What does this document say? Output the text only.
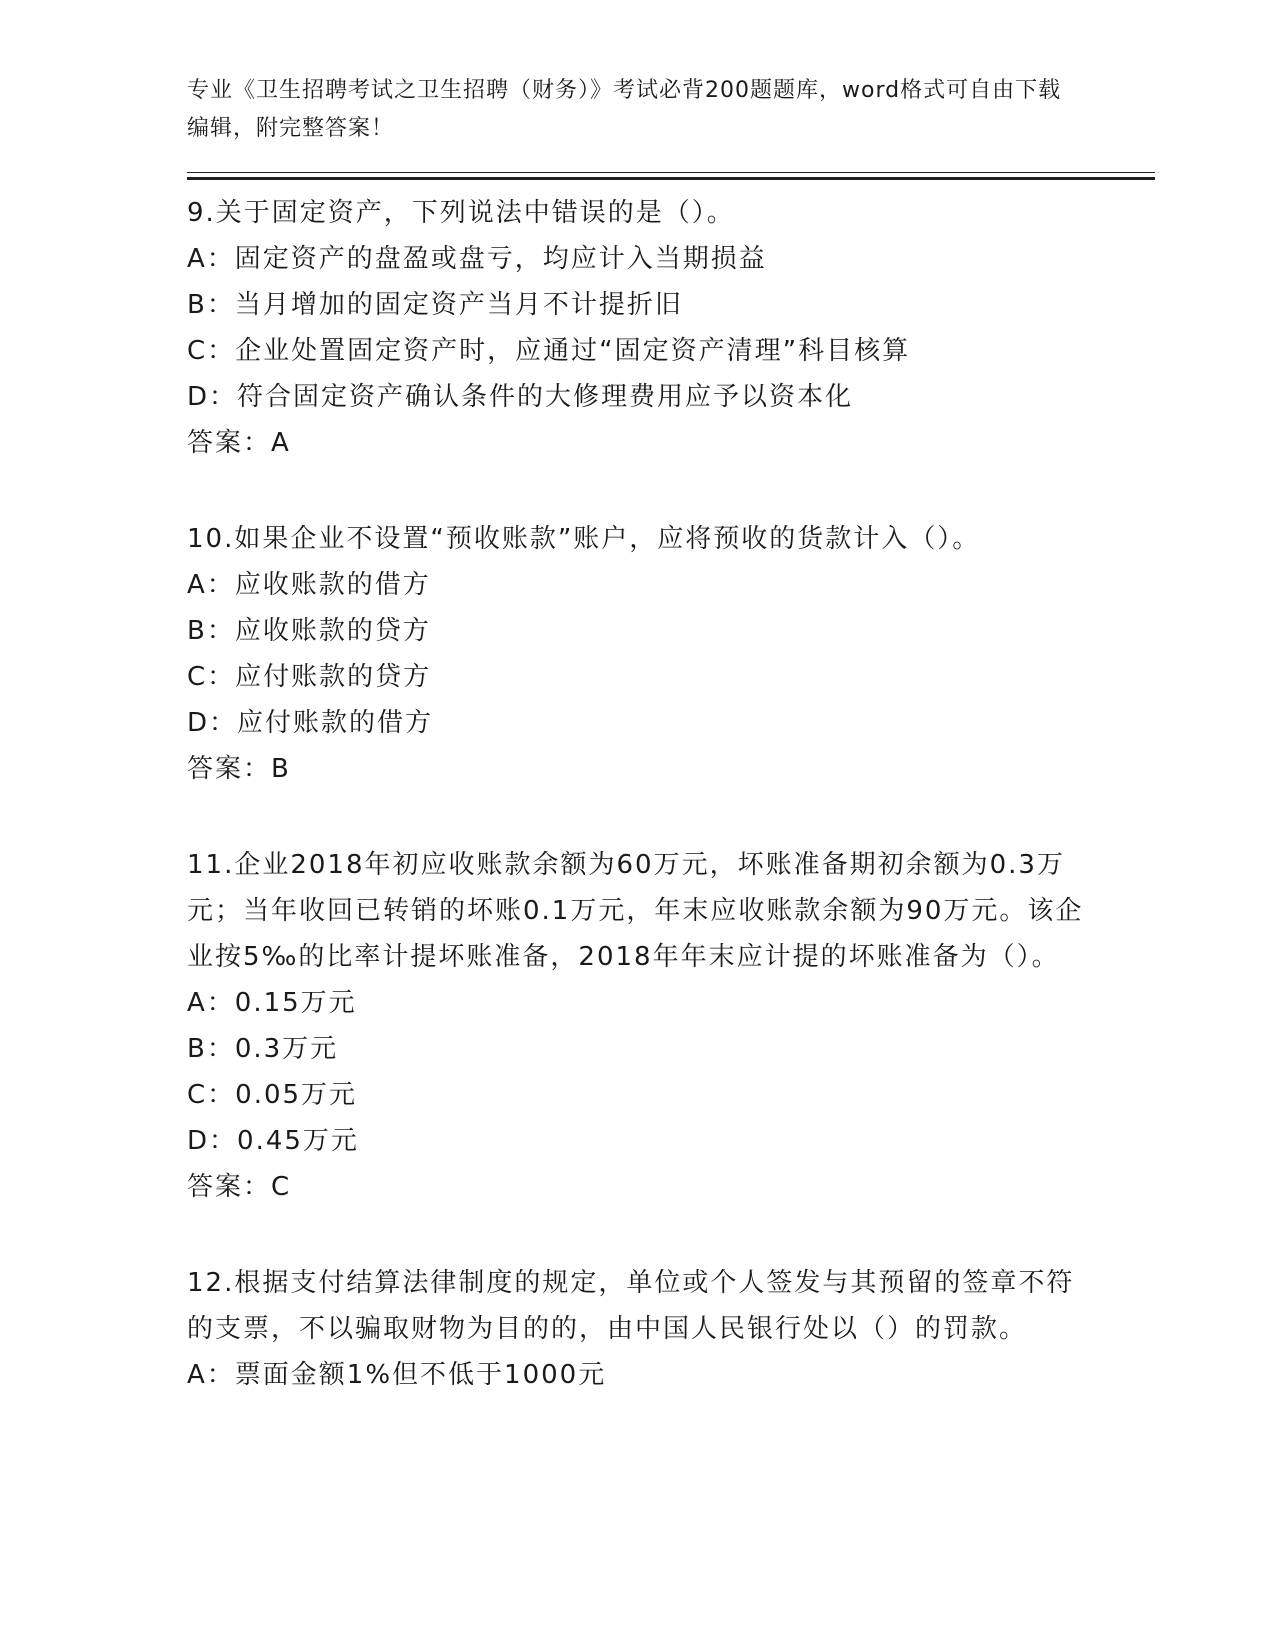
专业《卫生招聘考试之卫生招聘（财务）》考试必背200题题库，word格式可自由下载编辑，附完整答案！

9.关于固定资产，下列说法中错误的是（）。

A：固定资产的盘盈或盘亏，均应计入当期损益

B：当月增加的固定资产当月不计提折旧

C：企业处置固定资产时，应通过“固定资产清理”科目核算

D：符合固定资产确认条件的大修理费用应予以资本化

答案：A

10.如果企业不设置“预收账款”账户，应将预收的货款计入（）。

A：应收账款的借方

B：应收账款的贷方

C：应付账款的贷方

D：应付账款的借方

答案：B

11.企业2018年初应收账款余额为60万元，坏账准备期初余额为0.3万元；当年收回已转销的坏账0.1万元，年末应收账款余额为90万元。该企业按5‰的比率计提坏账准备，2018年年末应计提的坏账准备为（）。

A：0.15万元

B：0.3万元

C：0.05万元

D：0.45万元

答案：C

12.根据支付结算法律制度的规定，单位或个人签发与其预留的签章不符的支票，不以骗取财物为目的的，由中国人民银行处以（）的罚款。

A：票面金额1%但不低于1000元
